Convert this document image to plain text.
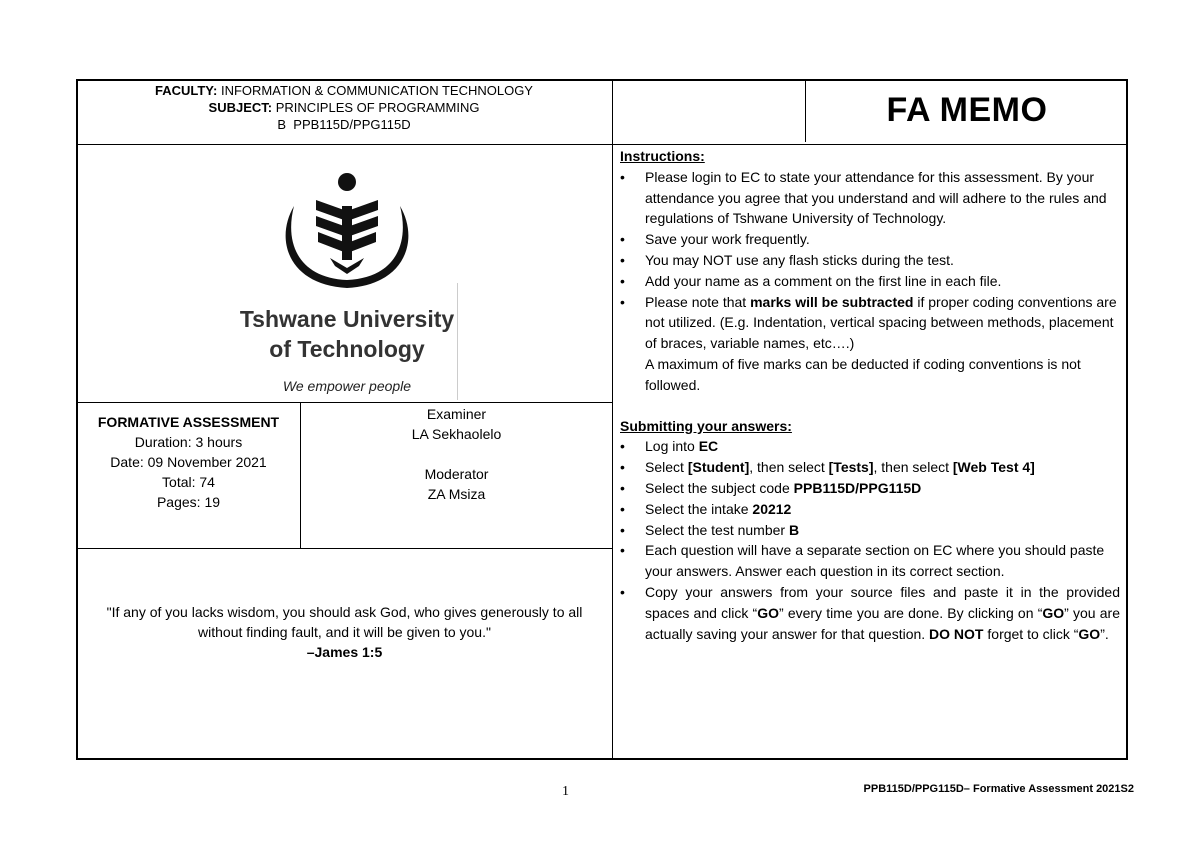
FACULTY: INFORMATION & COMMUNICATION TECHNOLOGY
SUBJECT: PRINCIPLES OF PROGRAMMING
B  PPB115D/PPG115D	FA MEMO
Tshwane University
of Technology
We empower people
FORMATIVE ASSESSMENT
Duration: 3 hours
Date: 09 November 2021
Total: 74
Pages: 19
Examiner
LA Sekhaolelo
Moderator
ZA Msiza
"If any of you lacks wisdom, you should ask God, who gives generously to all without finding fault, and it will be given to you."
–James 1:5
Instructions:
• Please login to EC to state your attendance for this assessment. By your attendance you agree that you understand and will adhere to the rules and regulations of Tshwane University of Technology.
• Save your work frequently.
• You may NOT use any flash sticks during the test.
• Add your name as a comment on the first line in each file.
• Please note that marks will be subtracted if proper coding conventions are not utilized. (E.g. Indentation, vertical spacing between methods, placement of braces, variable names, etc….)
A maximum of five marks can be deducted if coding conventions is not followed.
Submitting your answers:
• Log into EC
• Select [Student], then select [Tests], then select [Web Test 4]
• Select the subject code PPB115D/PPG115D
• Select the intake 20212
• Select the test number B
• Each question will have a separate section on EC where you should paste your answers. Answer each question in its correct section.
• Copy your answers from your source files and paste it in the provided spaces and click “GO” every time you are done. By clicking on “GO” you are actually saving your answer for that question. DO NOT forget to click “GO”.
1	PPB115D/PPG115D– Formative Assessment 2021S2
